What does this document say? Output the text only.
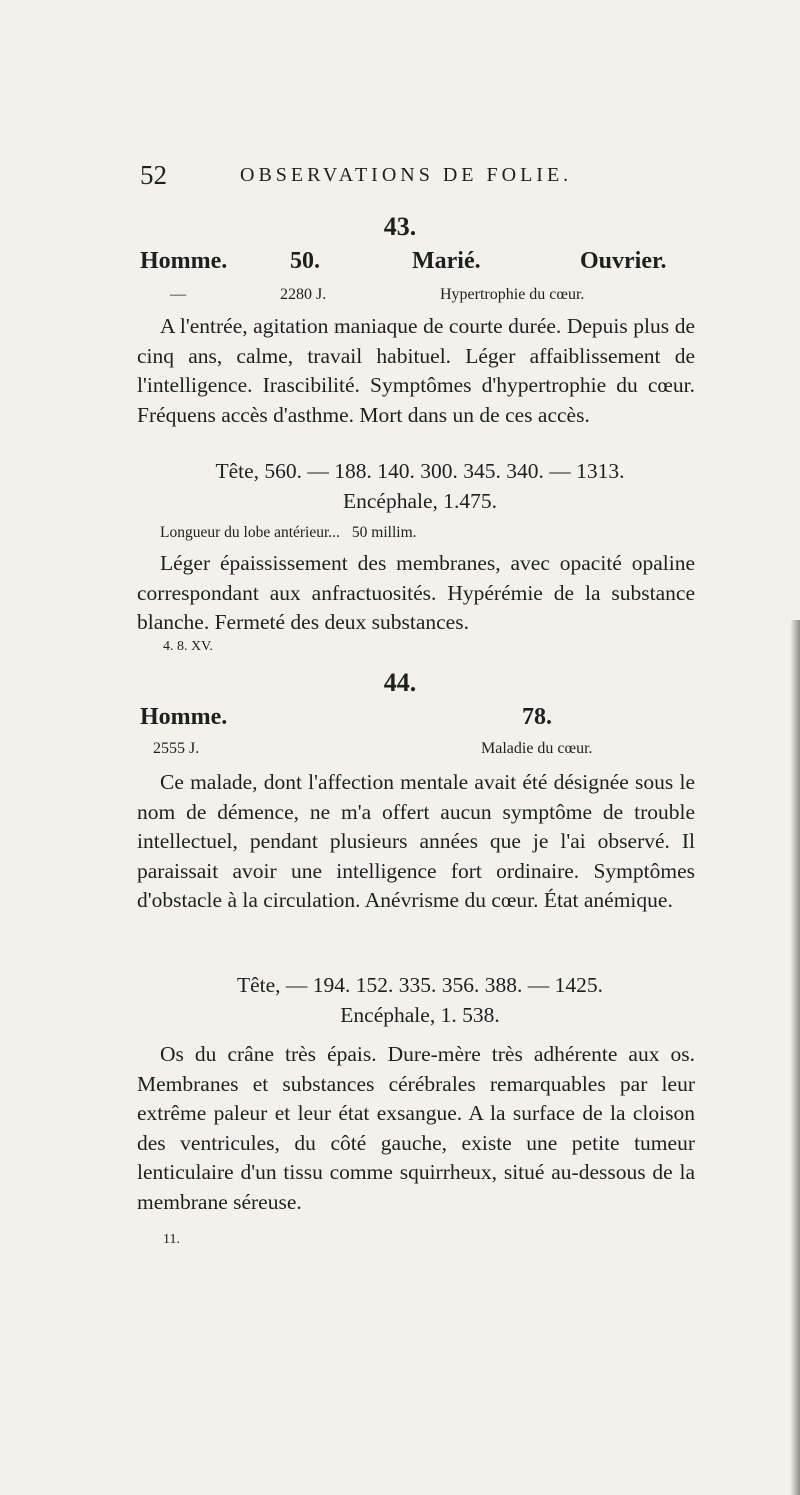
52	OBSERVATIONS DE FOLIE.
43.
Homme.	50.	Marié.	Ouvrier.
—	2280 J.	Hypertrophie du cœur.

A l'entrée, agitation maniaque de courte durée. Depuis plus de cinq ans, calme, travail habituel. Léger affaiblissement de l'intelligence. Irascibilité. Symptômes d'hypertrophie du cœur. Fréquens accès d'asthme. Mort dans un de ces accès.

Tête, 560. — 188. 140. 300. 345. 340. — 1313.
Encéphale, 1.475.
Longueur du lobe antérieur... 50 millim.

Léger épaississement des membranes, avec opacité opaline correspondant aux anfractuosités. Hypérémie de la substance blanche. Fermeté des deux substances.

4. 8. XV.
44.
Homme.	78.
2555 J.	Maladie du cœur.

Ce malade, dont l'affection mentale avait été désignée sous le nom de démence, ne m'a offert aucun symptôme de trouble intellectuel, pendant plusieurs années que je l'ai observé. Il paraissait avoir une intelligence fort ordinaire. Symptômes d'obstacle à la circulation. Anévrisme du cœur. État anémique.

Tête, — 194. 152. 335. 356. 388. — 1425.
Encéphale, 1. 538.

Os du crâne très épais. Dure-mère très adhérente aux os. Membranes et substances cérébrales remarquables par leur extrême paleur et leur état exsangue. A la surface de la cloison des ventricules, du côté gauche, existe une petite tumeur lenticulaire d'un tissu comme squirrheux, situé au-dessous de la membrane séreuse.

11.
